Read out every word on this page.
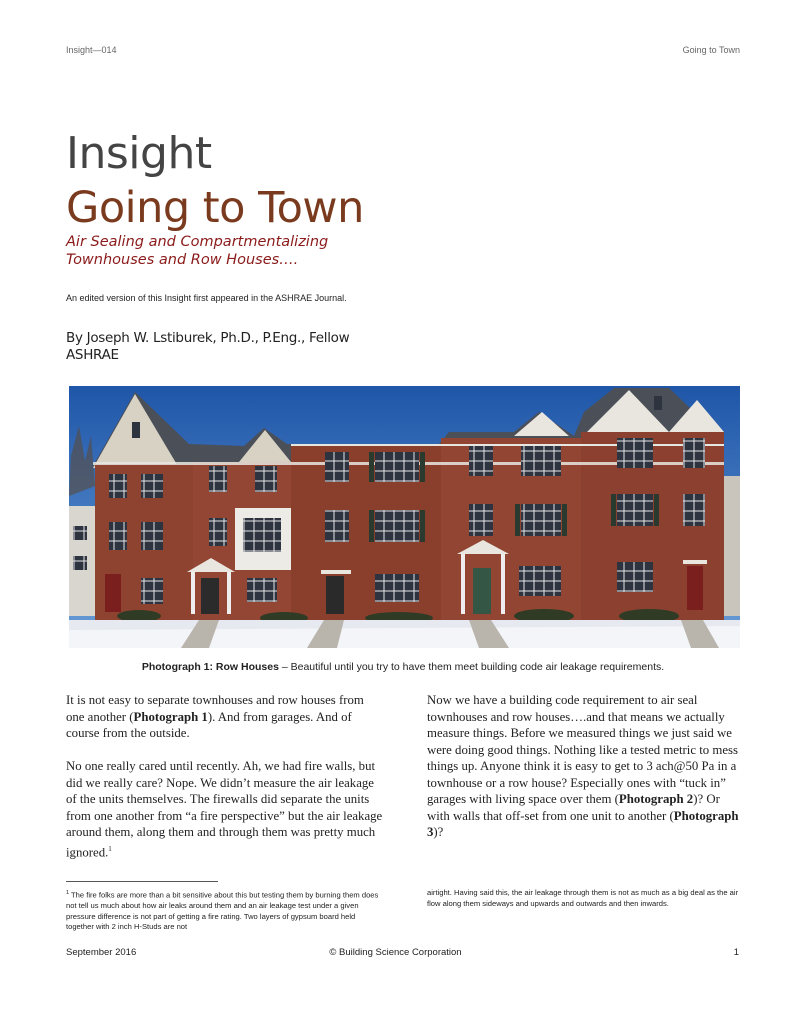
Insight—014	Going to Town
Insight
Going to Town
Air Sealing and Compartmentalizing
Townhouses and Row Houses….
An edited version of this Insight first appeared in the ASHRAE Journal.
By Joseph W. Lstiburek, Ph.D., P.Eng., Fellow ASHRAE
Photograph 1: Row Houses – Beautiful until you try to have them meet building code air leakage requirements.

It is not easy to separate townhouses and row houses from one another (Photograph 1). And from garages. And of course from the outside.

No one really cared until recently. Ah, we had fire walls, but did we really care? Nope. We didn’t measure the air leakage of the units themselves. The firewalls did separate the units from one another from “a fire perspective” but the air leakage around them, along them and through them was pretty much ignored.$^1$

Now we have a building code requirement to air seal townhouses and row houses….and that means we actually measure things. Before we measured things we just said we were doing good things. Nothing like a tested metric to mess things up. Anyone think it is easy to get to 3 ach@50 Pa in a townhouse or a row house? Especially ones with “tuck in” garages with living space over them (Photograph 2)? Or with walls that off-set from one unit to another (Photograph 3)?

$^1$ The fire folks are more than a bit sensitive about this but testing them by burning them does not tell us much about how air leaks around them and an air leakage test under a given pressure difference is not part of getting a fire rating. Two layers of gypsum board held together with 2 inch H-Studs are not
airtight. Having said this, the air leakage through them is not as much as a big deal as the air flow along them sideways and upwards and outwards and then inwards.
September 2016	© Building Science Corporation	1
